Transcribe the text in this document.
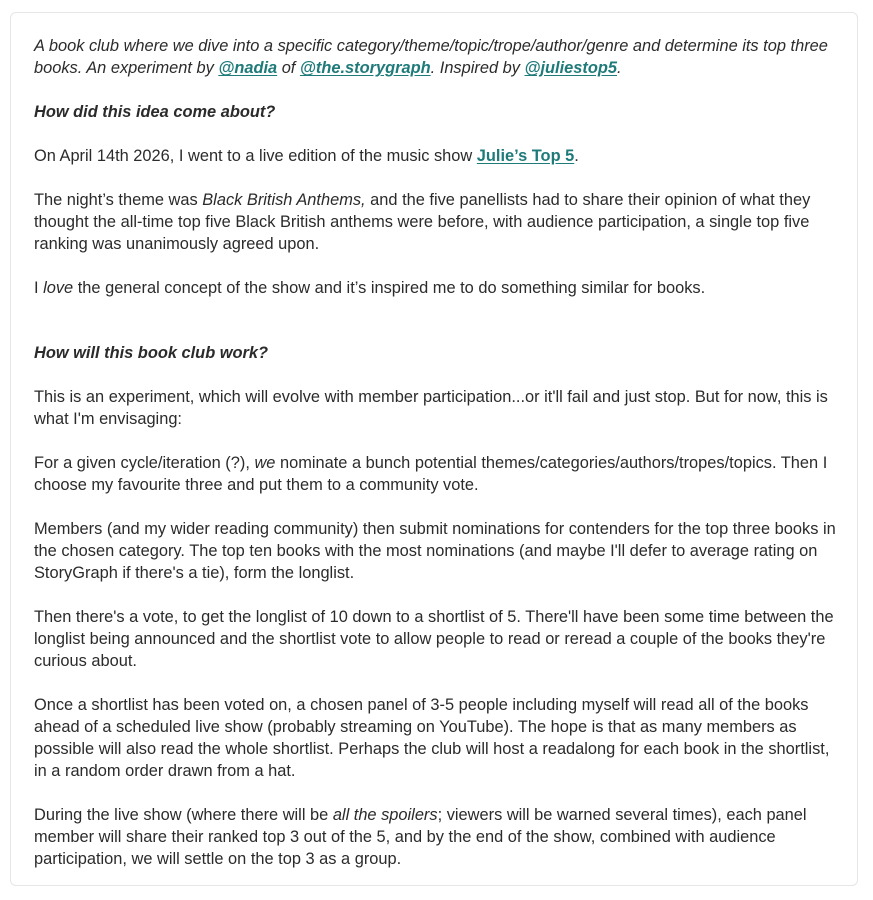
A book club where we dive into a specific category/theme/topic/trope/author/genre and determine its top three books. An experiment by @nadia of @the.storygraph. Inspired by @juliestop5.

How did this idea come about?

On April 14th 2026, I went to a live edition of the music show Julie’s Top 5.

The night’s theme was Black British Anthems, and the five panellists had to share their opinion of what they thought the all-time top five Black British anthems were before, with audience participation, a single top five ranking was unanimously agreed upon.

I love the general concept of the show and it’s inspired me to do something similar for books.

How will this book club work?

This is an experiment, which will evolve with member participation...or it'll fail and just stop. But for now, this is what I'm envisaging:

For a given cycle/iteration (?), we nominate a bunch potential themes/categories/authors/tropes/topics. Then I choose my favourite three and put them to a community vote.

Members (and my wider reading community) then submit nominations for contenders for the top three books in the chosen category. The top ten books with the most nominations (and maybe I'll defer to average rating on StoryGraph if there's a tie), form the longlist.

Then there's a vote, to get the longlist of 10 down to a shortlist of 5. There'll have been some time between the longlist being announced and the shortlist vote to allow people to read or reread a couple of the books they're curious about.

Once a shortlist has been voted on, a chosen panel of 3-5 people including myself will read all of the books ahead of a scheduled live show (probably streaming on YouTube). The hope is that as many members as possible will also read the whole shortlist. Perhaps the club will host a readalong for each book in the shortlist, in a random order drawn from a hat.

During the live show (where there will be all the spoilers; viewers will be warned several times), each panel member will share their ranked top 3 out of the 5, and by the end of the show, combined with audience participation, we will settle on the top 3 as a group.
